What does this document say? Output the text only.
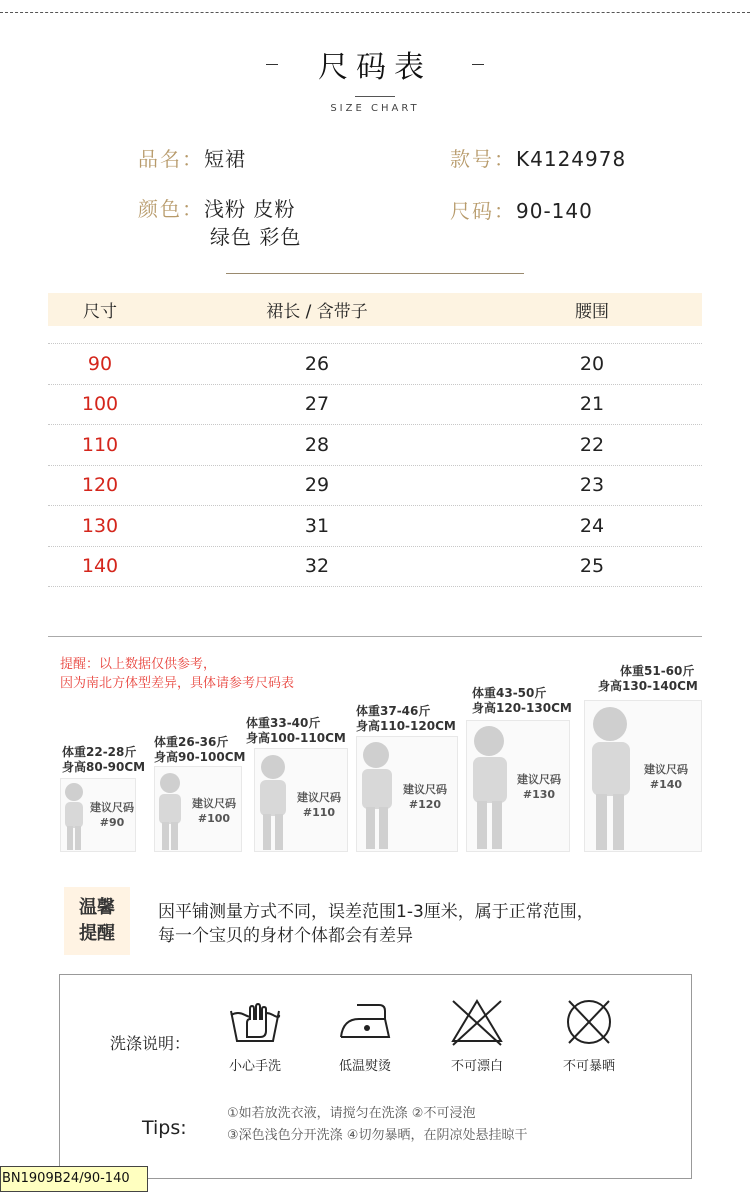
尺码表
SIZE CHART
品名：短裙	款号：K4124978
颜色：浅粉 皮粉
绿色 彩色
尺码：90-140
尺寸	裙长 / 含带子	腰围
90	26	20
100	27	21
110	28	22
120	29	23
130	31	24
140	32	25
提醒：以上数据仅供参考，
因为南北方体型差异，具体请参考尺码表
体重22-28斤
身高80-90CM
建议尺码
#90
体重26-36斤
身高90-100CM
建议尺码
#100
体重33-40斤
身高100-110CM
建议尺码
#110
体重37-46斤
身高110-120CM
建议尺码
#120
体重43-50斤
身高120-130CM
建议尺码
#130
体重51-60斤
身高130-140CM
建议尺码
#140
温馨
提醒
因平铺测量方式不同，误差范围1-3厘米，属于正常范围，
每一个宝贝的身材个体都会有差异
洗涤说明：
小心手洗	低温熨烫	不可漂白	不可暴晒
Tips:
①如若放洗衣液，请搅匀在洗涤 ②不可浸泡
③深色浅色分开洗涤 ④切勿暴晒，在阴凉处悬挂晾干
BN1909B24/90-140
